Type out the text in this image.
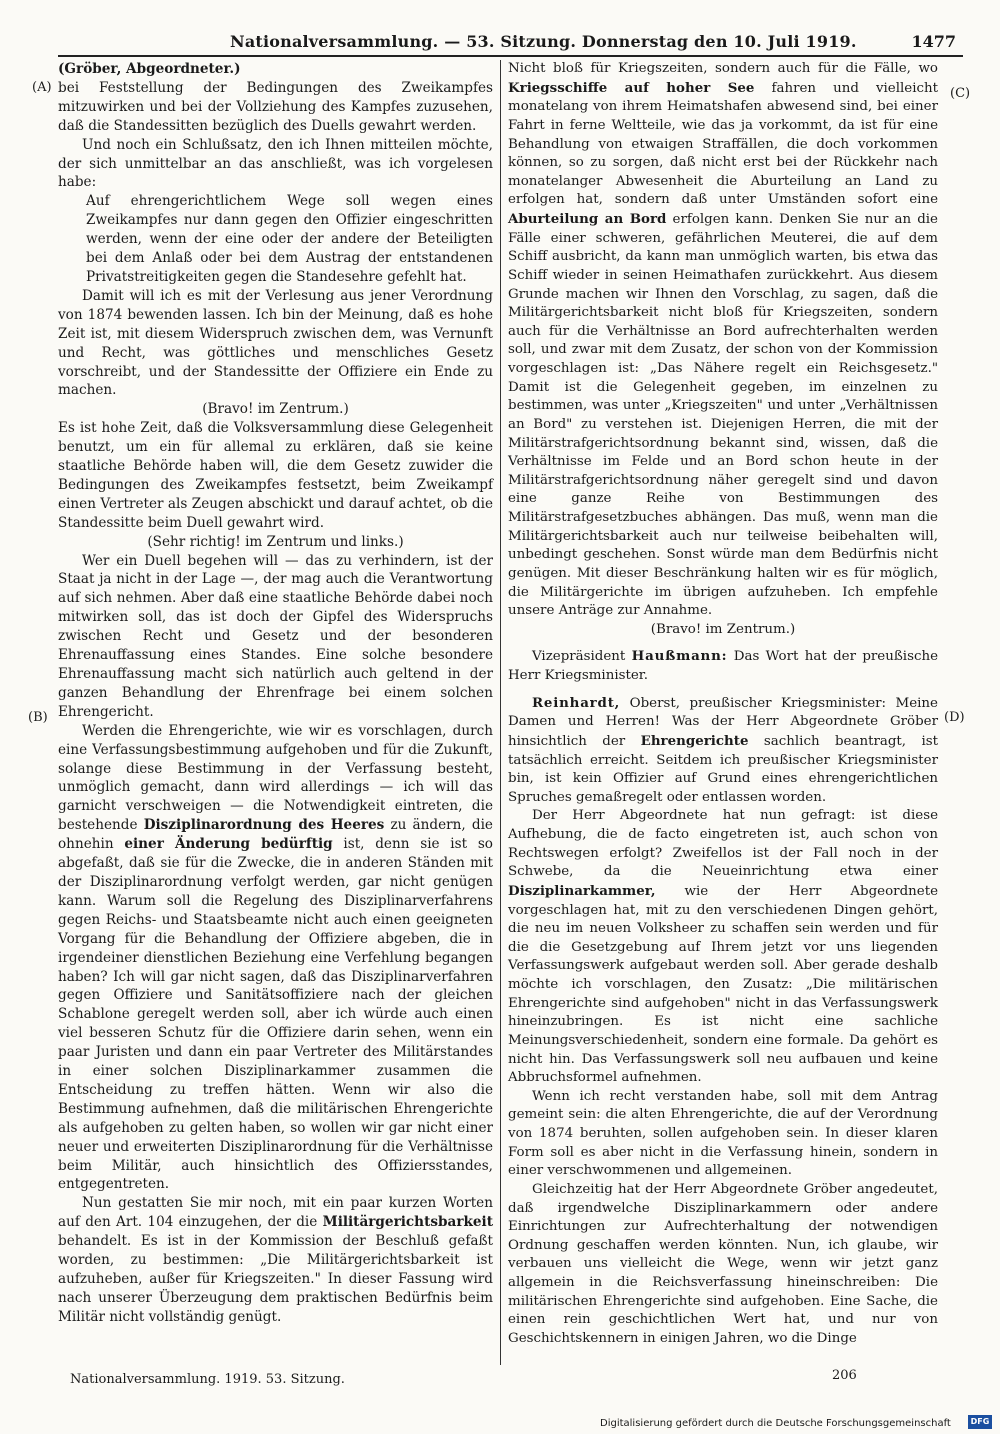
Nationalversammlung. — 53. Sitzung. Donnerstag den 10. Juli 1919.	1477
(A)
(B)
(C)
(D)

(Gröber, Abgeordneter.)

bei Feststellung der Bedingungen des Zweikampfes mitzuwirken und bei der Vollziehung des Kampfes zuzusehen, daß die Standessitten bezüglich des Duells gewahrt werden.

Und noch ein Schlußsatz, den ich Ihnen mitteilen möchte, der sich unmittelbar an das anschließt, was ich vorgelesen habe:

Auf ehrengerichtlichem Wege soll wegen eines Zweikampfes nur dann gegen den Offizier eingeschritten werden, wenn der eine oder der andere der Beteiligten bei dem Anlaß oder bei dem Austrag der entstandenen Privatstreitigkeiten gegen die Standesehre gefehlt hat.

Damit will ich es mit der Verlesung aus jener Verordnung von 1874 bewenden lassen. Ich bin der Meinung, daß es hohe Zeit ist, mit diesem Widerspruch zwischen dem, was Vernunft und Recht, was göttliches und menschliches Gesetz vorschreibt, und der Standessitte der Offiziere ein Ende zu machen.

(Bravo! im Zentrum.)

Es ist hohe Zeit, daß die Volksversammlung diese Gelegenheit benutzt, um ein für allemal zu erklären, daß sie keine staatliche Behörde haben will, die dem Gesetz zuwider die Bedingungen des Zweikampfes festsetzt, beim Zweikampf einen Vertreter als Zeugen abschickt und darauf achtet, ob die Standessitte beim Duell gewahrt wird.

(Sehr richtig! im Zentrum und links.)

Wer ein Duell begehen will — das zu verhindern, ist der Staat ja nicht in der Lage —, der mag auch die Verantwortung auf sich nehmen. Aber daß eine staatliche Behörde dabei noch mitwirken soll, das ist doch der Gipfel des Widerspruchs zwischen Recht und Gesetz und der besonderen Ehrenauffassung eines Standes. Eine solche besondere Ehrenauffassung macht sich natürlich auch geltend in der ganzen Behandlung der Ehrenfrage bei einem solchen Ehrengericht.

Werden die Ehrengerichte, wie wir es vorschlagen, durch eine Verfassungsbestimmung aufgehoben und für die Zukunft, solange diese Bestimmung in der Verfassung besteht, unmöglich gemacht, dann wird allerdings — ich will das garnicht verschweigen — die Notwendigkeit eintreten, die bestehende Disziplinarordnung des Heeres zu ändern, die ohnehin einer Änderung bedürftig ist, denn sie ist so abgefaßt, daß sie für die Zwecke, die in anderen Ständen mit der Disziplinarordnung verfolgt werden, gar nicht genügen kann. Warum soll die Regelung des Disziplinarverfahrens gegen Reichs- und Staatsbeamte nicht auch einen geeigneten Vorgang für die Behandlung der Offiziere abgeben, die in irgendeiner dienstlichen Beziehung eine Verfehlung begangen haben? Ich will gar nicht sagen, daß das Disziplinarverfahren gegen Offiziere und Sanitätsoffiziere nach der gleichen Schablone geregelt werden soll, aber ich würde auch einen viel besseren Schutz für die Offiziere darin sehen, wenn ein paar Juristen und dann ein paar Vertreter des Militärstandes in einer solchen Disziplinarkammer zusammen die Entscheidung zu treffen hätten. Wenn wir also die Bestimmung aufnehmen, daß die militärischen Ehrengerichte als aufgehoben zu gelten haben, so wollen wir gar nicht einer neuer und erweiterten Disziplinarordnung für die Verhältnisse beim Militär, auch hinsichtlich des Offiziersstandes, entgegentreten.

Nun gestatten Sie mir noch, mit ein paar kurzen Worten auf den Art. 104 einzugehen, der die Militärgerichtsbarkeit behandelt. Es ist in der Kommission der Beschluß gefaßt worden, zu bestimmen: „Die Militärgerichtsbarkeit ist aufzuheben, außer für Kriegszeiten." In dieser Fassung wird nach unserer Überzeugung dem praktischen Bedürfnis beim Militär nicht vollständig genügt.

Nicht bloß für Kriegszeiten, sondern auch für die Fälle, wo Kriegsschiffe auf hoher See fahren und vielleicht monatelang von ihrem Heimatshafen abwesend sind, bei einer Fahrt in ferne Weltteile, wie das ja vorkommt, da ist für eine Behandlung von etwaigen Straffällen, die doch vorkommen können, so zu sorgen, daß nicht erst bei der Rückkehr nach monatelanger Abwesenheit die Aburteilung an Land zu erfolgen hat, sondern daß unter Umständen sofort eine Aburteilung an Bord erfolgen kann. Denken Sie nur an die Fälle einer schweren, gefährlichen Meuterei, die auf dem Schiff ausbricht, da kann man unmöglich warten, bis etwa das Schiff wieder in seinen Heimathafen zurückkehrt. Aus diesem Grunde machen wir Ihnen den Vorschlag, zu sagen, daß die Militärgerichtsbarkeit nicht bloß für Kriegszeiten, sondern auch für die Verhältnisse an Bord aufrechterhalten werden soll, und zwar mit dem Zusatz, der schon von der Kommission vorgeschlagen ist: „Das Nähere regelt ein Reichsgesetz." Damit ist die Gelegenheit gegeben, im einzelnen zu bestimmen, was unter „Kriegszeiten" und unter „Verhältnissen an Bord" zu verstehen ist. Diejenigen Herren, die mit der Militärstrafgerichtsordnung bekannt sind, wissen, daß die Verhältnisse im Felde und an Bord schon heute in der Militärstrafgerichtsordnung näher geregelt sind und davon eine ganze Reihe von Bestimmungen des Militärstrafgesetzbuches abhängen. Das muß, wenn man die Militärgerichtsbarkeit auch nur teilweise beibehalten will, unbedingt geschehen. Sonst würde man dem Bedürfnis nicht genügen. Mit dieser Beschränkung halten wir es für möglich, die Militärgerichte im übrigen aufzuheben. Ich empfehle unsere Anträge zur Annahme.

(Bravo! im Zentrum.)

Vizepräsident Haußmann: Das Wort hat der preußische Herr Kriegsminister.

Reinhardt, Oberst, preußischer Kriegsminister: Meine Damen und Herren! Was der Herr Abgeordnete Gröber hinsichtlich der Ehrengerichte sachlich beantragt, ist tatsächlich erreicht. Seitdem ich preußischer Kriegsminister bin, ist kein Offizier auf Grund eines ehrengerichtlichen Spruches gemaßregelt oder entlassen worden.

Der Herr Abgeordnete hat nun gefragt: ist diese Aufhebung, die de facto eingetreten ist, auch schon von Rechtswegen erfolgt? Zweifellos ist der Fall noch in der Schwebe, da die Neueinrichtung etwa einer Disziplinarkammer, wie der Herr Abgeordnete vorgeschlagen hat, mit zu den verschiedenen Dingen gehört, die neu im neuen Volksheer zu schaffen sein werden und für die die Gesetzgebung auf Ihrem jetzt vor uns liegenden Verfassungswerk aufgebaut werden soll. Aber gerade deshalb möchte ich vorschlagen, den Zusatz: „Die militärischen Ehrengerichte sind aufgehoben" nicht in das Verfassungswerk hineinzubringen. Es ist nicht eine sachliche Meinungsverschiedenheit, sondern eine formale. Da gehört es nicht hin. Das Verfassungswerk soll neu aufbauen und keine Abbruchsformel aufnehmen.

Wenn ich recht verstanden habe, soll mit dem Antrag gemeint sein: die alten Ehrengerichte, die auf der Verordnung von 1874 beruhten, sollen aufgehoben sein. In dieser klaren Form soll es aber nicht in die Verfassung hinein, sondern in einer verschwommenen und allgemeinen.

Gleichzeitig hat der Herr Abgeordnete Gröber angedeutet, daß irgendwelche Disziplinarkammern oder andere Einrichtungen zur Aufrechterhaltung der notwendigen Ordnung geschaffen werden könnten. Nun, ich glaube, wir verbauen uns vielleicht die Wege, wenn wir jetzt ganz allgemein in die Reichsverfassung hineinschreiben: Die militärischen Ehrengerichte sind aufgehoben. Eine Sache, die einen rein geschichtlichen Wert hat, und nur von Geschichtskennern in einigen Jahren, wo die Dinge

Nationalversammlung. 1919. 53. Sitzung.	206
Digitalisierung gefördert durch die Deutsche Forschungsgemeinschaft	DFG
